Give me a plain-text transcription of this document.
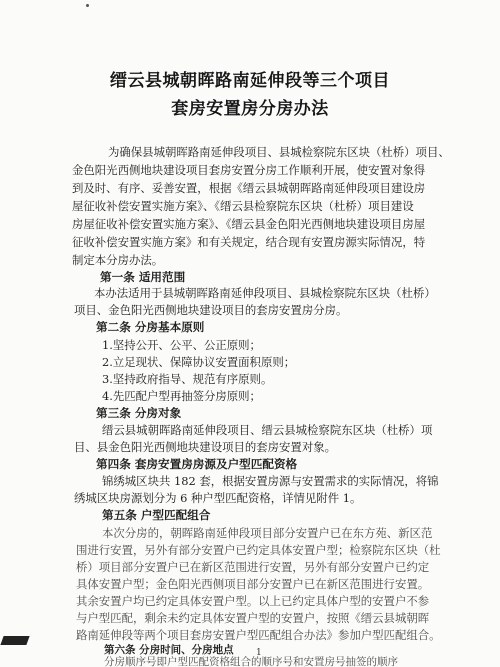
缙云县城朝晖路南延伸段等三个项目
套房安置房分房办法
为确保县城朝晖路南延伸段项目、县城检察院东区块（杜桥）项目、
金色阳光西侧地块建设项目套房安置分房工作顺利开展，使安置对象得
到及时、有序、妥善安置，根据《缙云县城朝晖路南延伸段项目建设房
屋征收补偿安置实施方案》、《缙云县检察院东区块（杜桥）项目建设
房屋征收补偿安置实施方案》、《缙云县金色阳光西侧地块建设项目房屋
征收补偿安置实施方案》和有关规定，结合现有安置房源实际情况，特
制定本分房办法。
第一条 适用范围
本办法适用于县城朝晖路南延伸段项目、县城检察院东区块（杜桥）
项目、金色阳光西侧地块建设项目的套房安置房分房。
第二条 分房基本原则
1.坚持公开、公平、公正原则；
2.立足现状、保障协议安置面积原则；
3.坚持政府指导、规范有序原则。
4.先匹配户型再抽签分房原则；
第三条 分房对象
缙云县城朝晖路南延伸段项目、缙云县城检察院东区块（杜桥）项
目、县金色阳光西侧地块建设项目的套房安置对象。
第四条 套房安置房房源及户型匹配资格
锦绣城区块共 182 套，根据安置房源与安置需求的实际情况，将锦
绣城区块房源划分为 6 种户型匹配资格，详情见附件 1。
第五条 户型匹配组合
本次分房的，朝晖路南延伸段项目部分安置户已在东方苑、新区范
围进行安置，另外有部分安置户已约定具体安置户型；检察院东区块（杜
桥）项目部分安置户已在新区范围进行安置，另外有部分安置户已约定
具体安置户型；金色阳光西侧项目部分安置户已在新区范围进行安置。
其余安置户均已约定具体安置户型。以上已约定具体户型的安置户不参
与户型匹配，剩余未约定具体安置户型的安置户，按照《缙云县城朝晖
路南延伸段等两个项目套房安置户型匹配组合办法》参加户型匹配组合。
第六条 分房时间、分房地点
分房顺序号即户型匹配资格组合的顺序号和安置房号抽签的顺序
1
